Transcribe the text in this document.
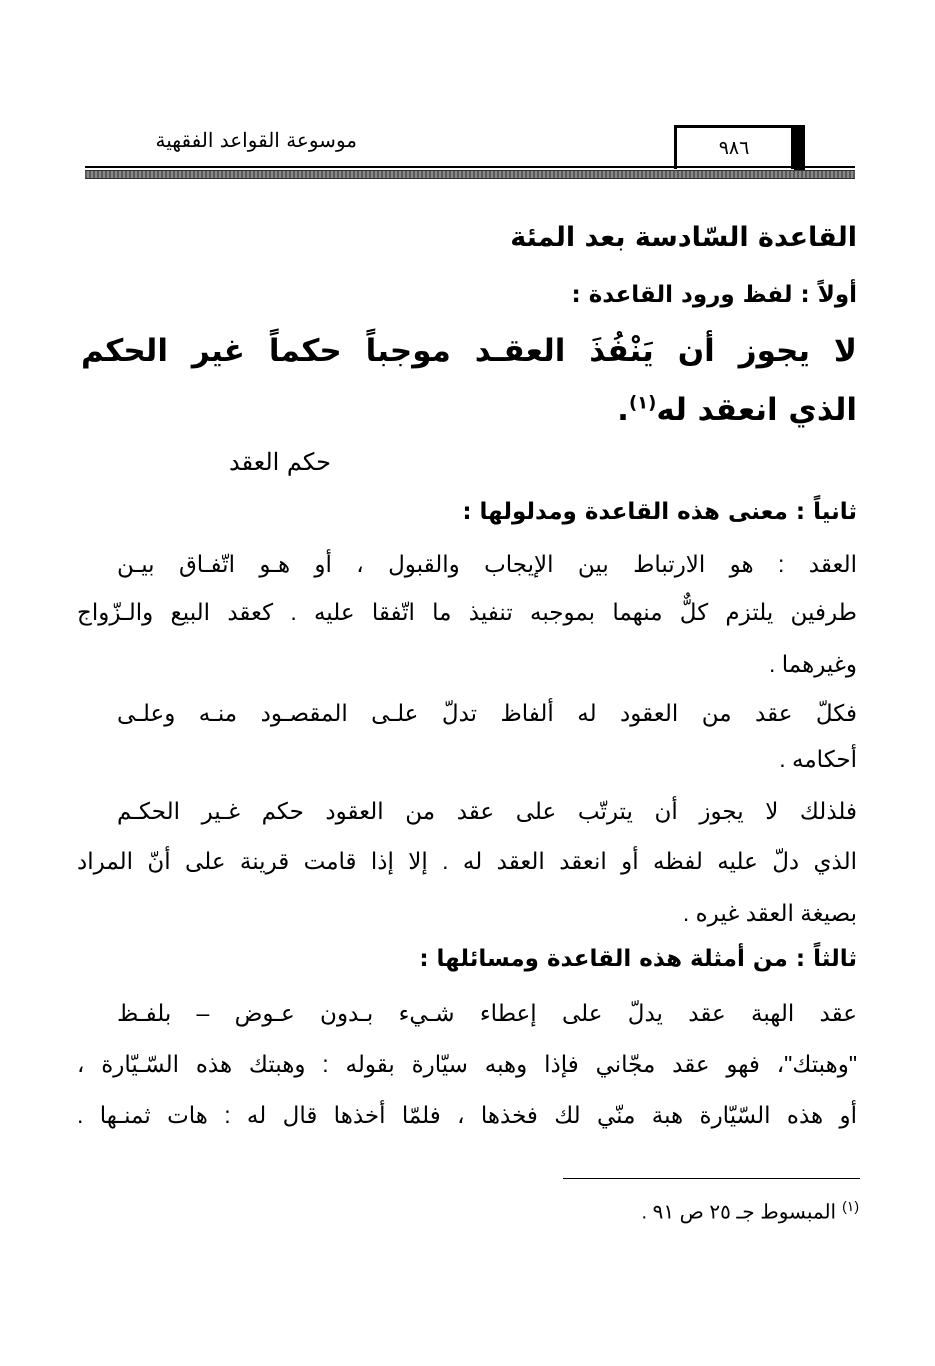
٩٨٦
موسوعة القواعد الفقهية
القاعدة السّادسة بعد المئة
أولاً : لفظ ورود القاعدة :
لا يجوز أن يَنْفُذَ العقـد موجباً حكماً غير الحكم
الذي انعقد له$^{(١)}$.
حكم العقد
ثانياً : معنى هذه القاعدة ومدلولها :
العقد : هو الارتباط بين الإيجاب والقبول ، أو هـو اتّفـاق بيـن
طرفين يلتزم كلٌّ منهما بموجبه تنفيذ ما اتّفقا عليه . كعقد البيع والـزّواج
وغيرهما .
فكلّ عقد من العقود له ألفاظ تدلّ علـى المقصـود منـه وعلـى
أحكامه .
فلذلك لا يجوز أن يترتّب على عقد من العقود حكم غـير الحكـم
الذي دلّ عليه لفظه أو انعقد العقد له . إلا إذا قامت قرينة على أنّ المراد
بصيغة العقد غيره .
ثالثاً : من أمثلة هذه القاعدة ومسائلها :
عقد الهبة عقد يدلّ على إعطاء شـيء بـدون عـوض – بلفـظ
"وهبتك"، فهو عقد مجّاني فإذا وهبه سيّارة بقوله : وهبتك هذه السّـيّارة ،
أو هذه السّيّارة هبة منّي لك فخذها ، فلمّا أخذها قال له : هات ثمنـها .
$^{(١)}$المبسوط جـ ٢٥ ص ٩١ .
